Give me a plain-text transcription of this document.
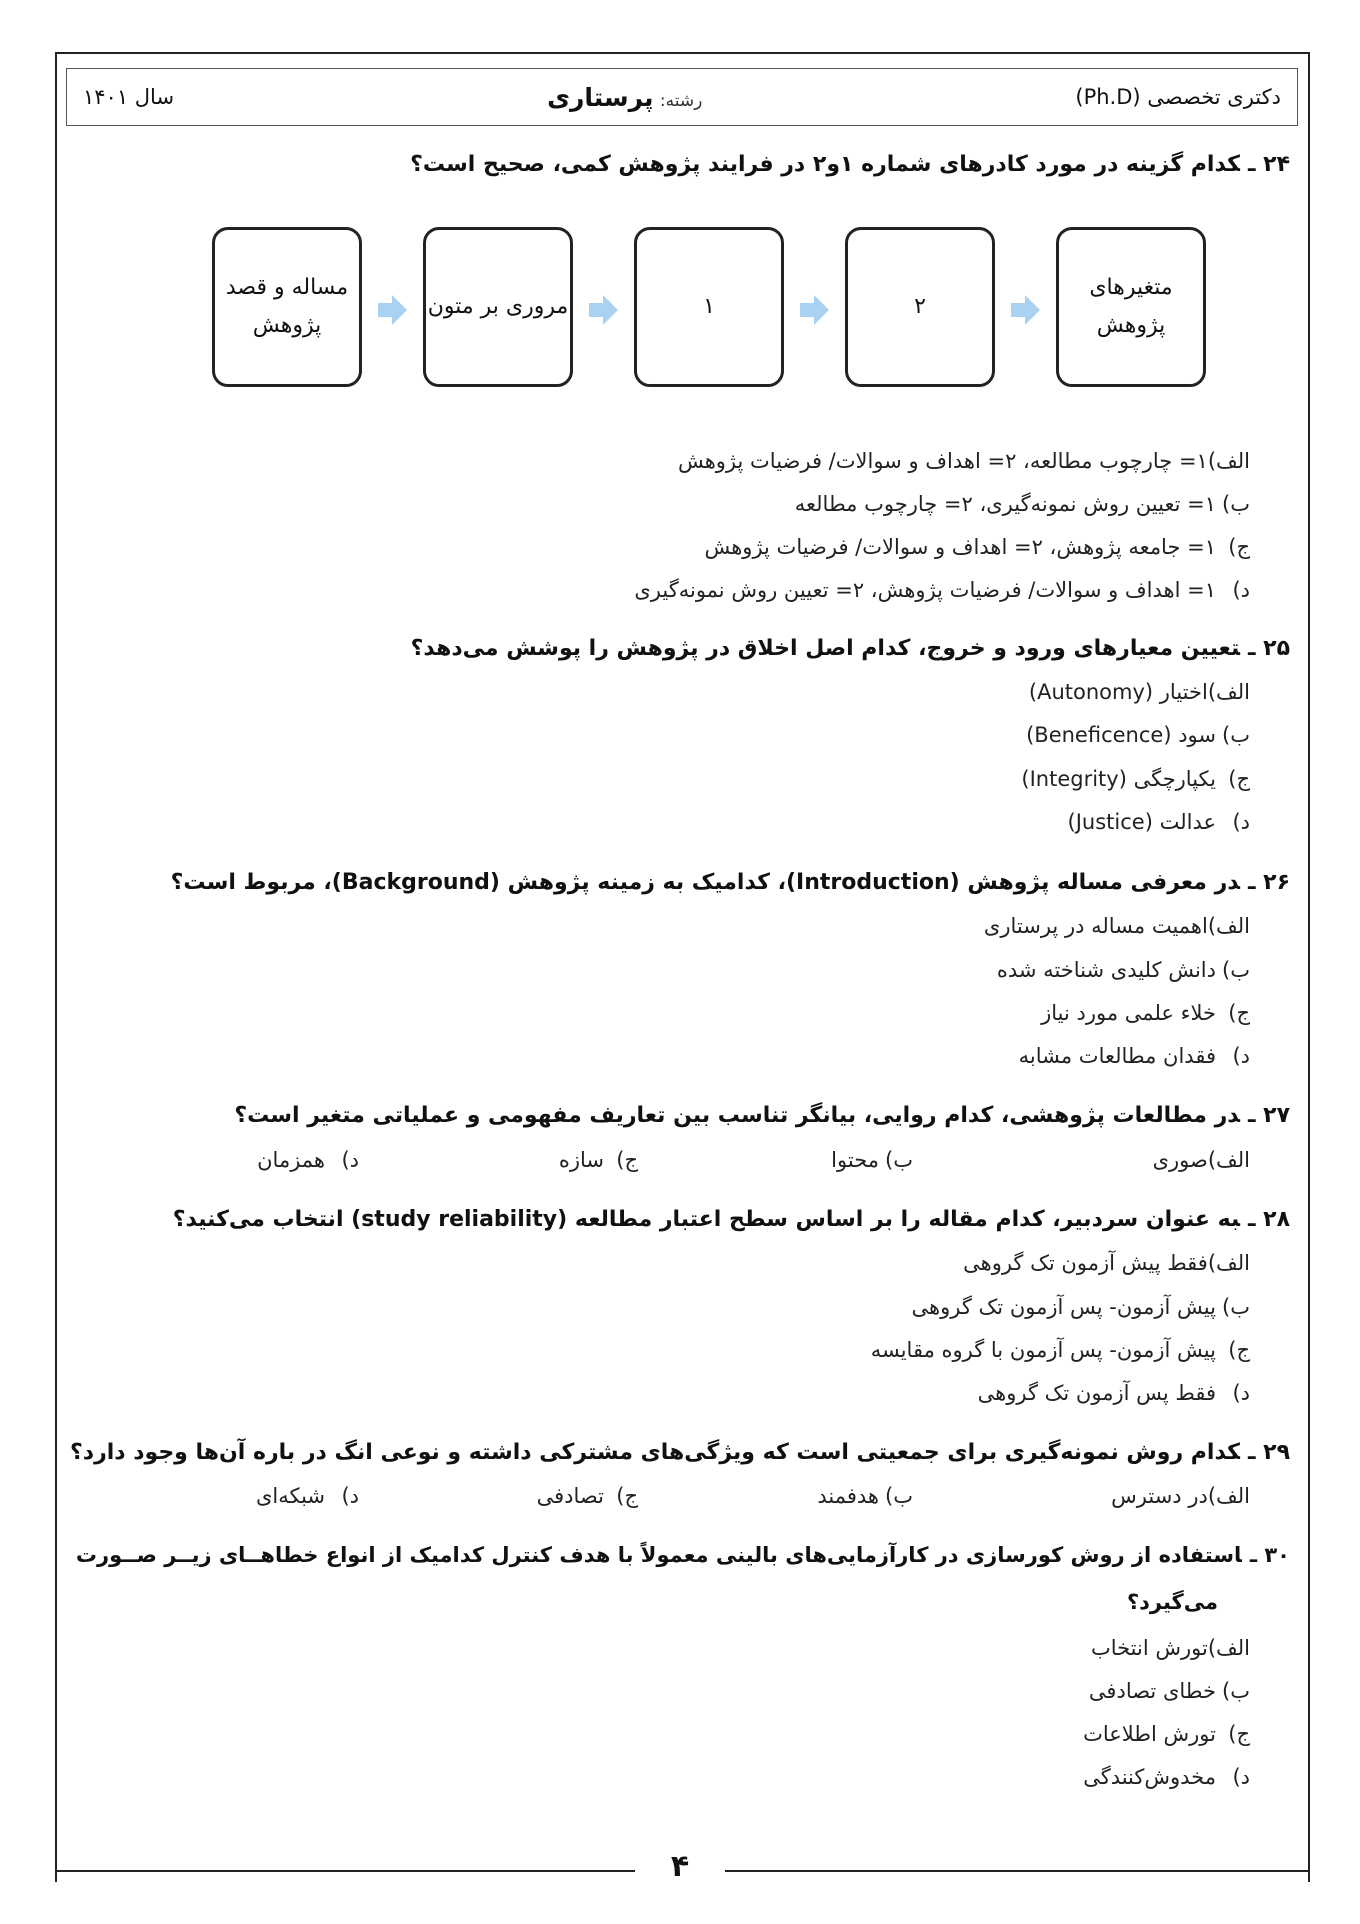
دکتری تخصصی (Ph.D)
رشته: پرستاری
سال ۱۴۰۱
۲۴ ـکدام گزینه در مورد کادرهای شماره ۱و۲ در فرایند پژوهش کمی، صحیح است؟
مساله و قصد پژوهش
مروری بر متون	۱	۲
متغیرهای پژوهش
الف)۱= چارچوب مطالعه، ۲= اهداف و سوالات/ فرضیات پژوهش
ب)۱= تعیین روش نمونه‌گیری، ۲= چارچوب مطالعه
ج)۱= جامعه پژوهش، ۲= اهداف و سوالات/ فرضیات پژوهش
د)۱= اهداف و سوالات/ فرضیات پژوهش، ۲= تعیین روش نمونه‌گیری
۲۵ ـتعیین معیارهای ورود و خروج، کدام اصل اخلاق در پژوهش را پوشش می‌دهد؟
الف)اختیار (Autonomy)
ب)سود (Beneficence)
ج)یکپارچگی (Integrity)
د)عدالت (Justice)
۲۶ ـدر معرفی مساله پژوهش (Introduction)، کدامیک به زمینه پژوهش (Background)، مربوط است؟
الف)اهمیت مساله در پرستاری
ب)دانش کلیدی شناخته شده
ج)خلاء علمی مورد نیاز
د)فقدان مطالعات مشابه
۲۷ ـدر مطالعات پژوهشی، کدام روایی، بیانگر تناسب بین تعاریف مفهومی و عملیاتی متغیر است؟
الف)صوری
ب)محتوا
ج)سازه
د)همزمان
۲۸ ـبه عنوان سردبیر، کدام مقاله را بر اساس سطح اعتبار مطالعه (study reliability) انتخاب می‌کنید؟
الف)فقط پیش آزمون تک گروهی
ب)پیش آزمون- پس آزمون تک گروهی
ج)پیش آزمون- پس آزمون با گروه مقایسه
د)فقط پس آزمون تک گروهی
۲۹ ـکدام روش نمونه‌گیری برای جمعیتی است که ویژگی‌های مشترکی داشته و نوعی انگ در باره آن‌ها وجود دارد؟
الف)در دسترس
ب)هدفمند
ج)تصادفی
د)شبکه‌ای
۳۰ ـاستفاده از روش کورسازی در کارآزمایی‌های بالینی معمولاً با هدف کنترل کدامیک از انواع خطاهــای زیــر صــورت
می‌گیرد؟
الف)تورش انتخاب
ب)خطای تصادفی
ج)تورش اطلاعات
د)مخدوش‌کنندگی
۴
